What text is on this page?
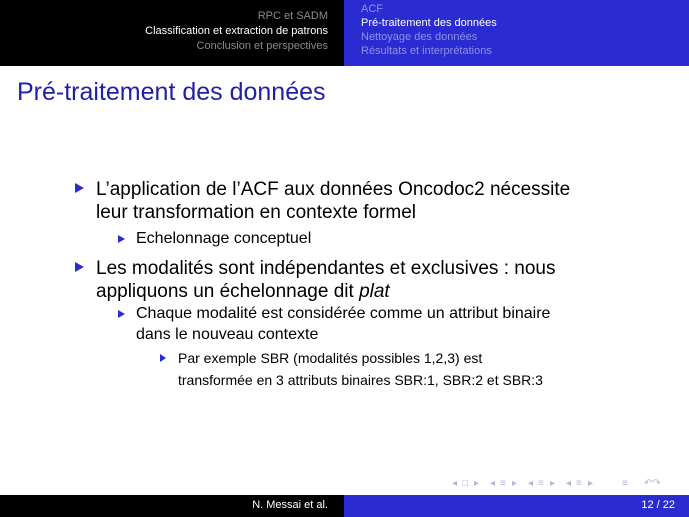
RPC et SADM
Classification et extraction de patrons
Conclusion et perspectives
ACF
Pré-traitement des données
Nettoyage des données
Résultats et interprétations
Pré-traitement des données
L’application de l’ACF aux données Oncodoc2 nécessite
leur transformation en contexte formel
Echelonnage conceptuel
Les modalités sont indépendantes et exclusives : nous
appliquons un échelonnage dit plat
Chaque modalité est considérée comme un attribut binaire
dans le nouveau contexte
Par exemple SBR (modalités possibles 1,2,3) est
transformée en 3 attributs binaires SBR:1, SBR:2 et SBR:3
◂ □ ▸ ◂ ≡ ▸ ◂ ≡ ▸ ◂ ≡ ▸	≡ ↶↷
N. Messai et al.	12 / 22
